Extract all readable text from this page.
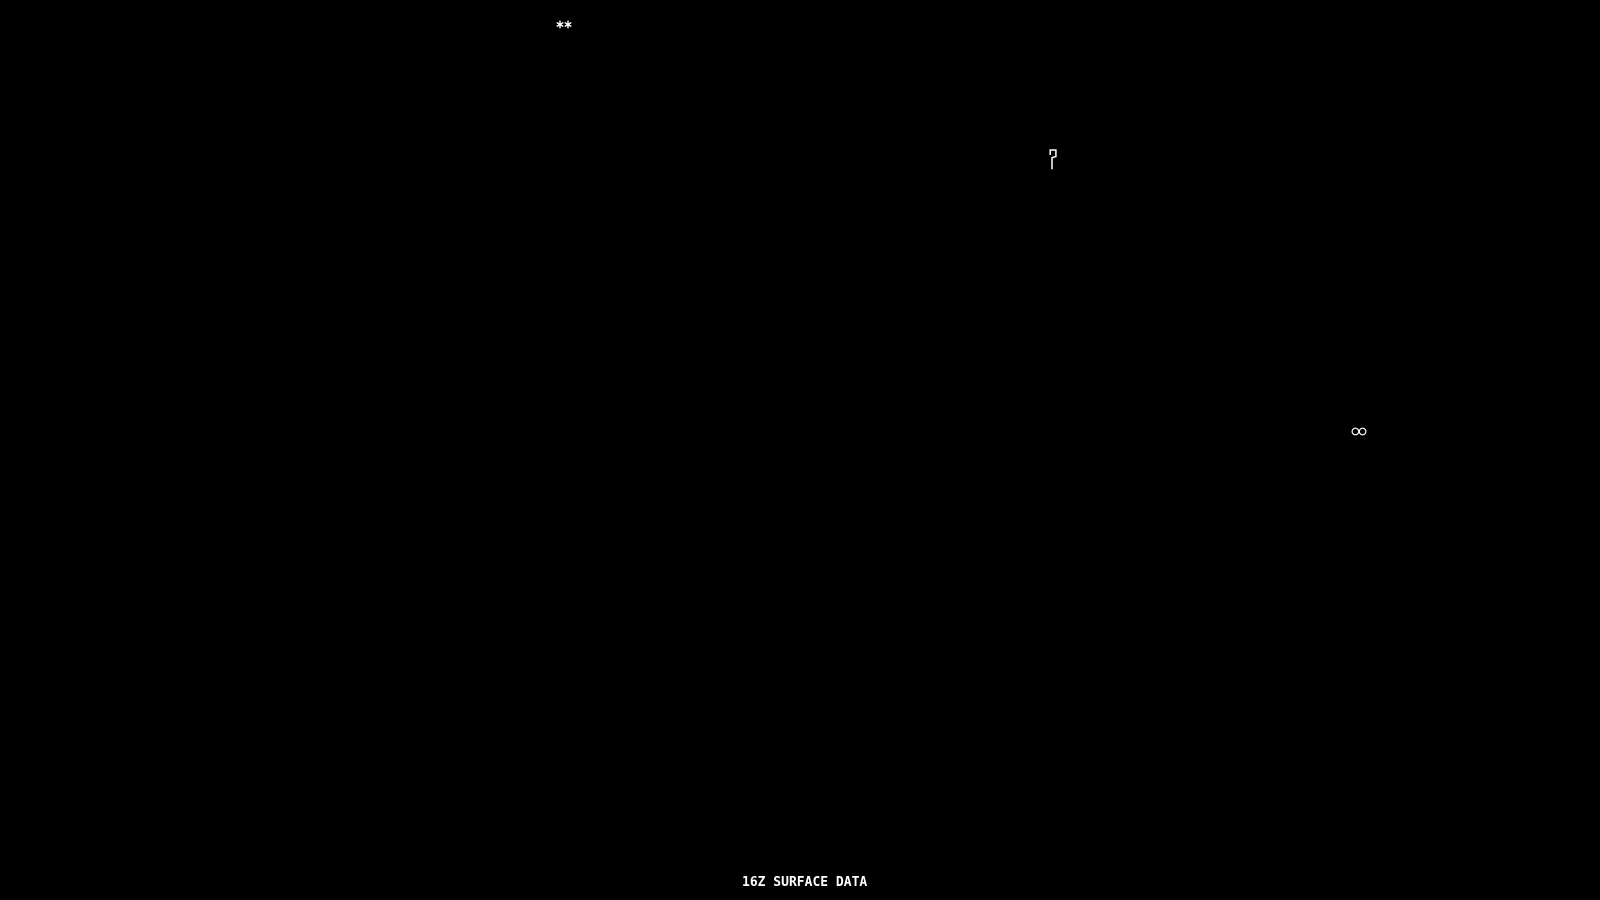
16Z SURFACE DATA
